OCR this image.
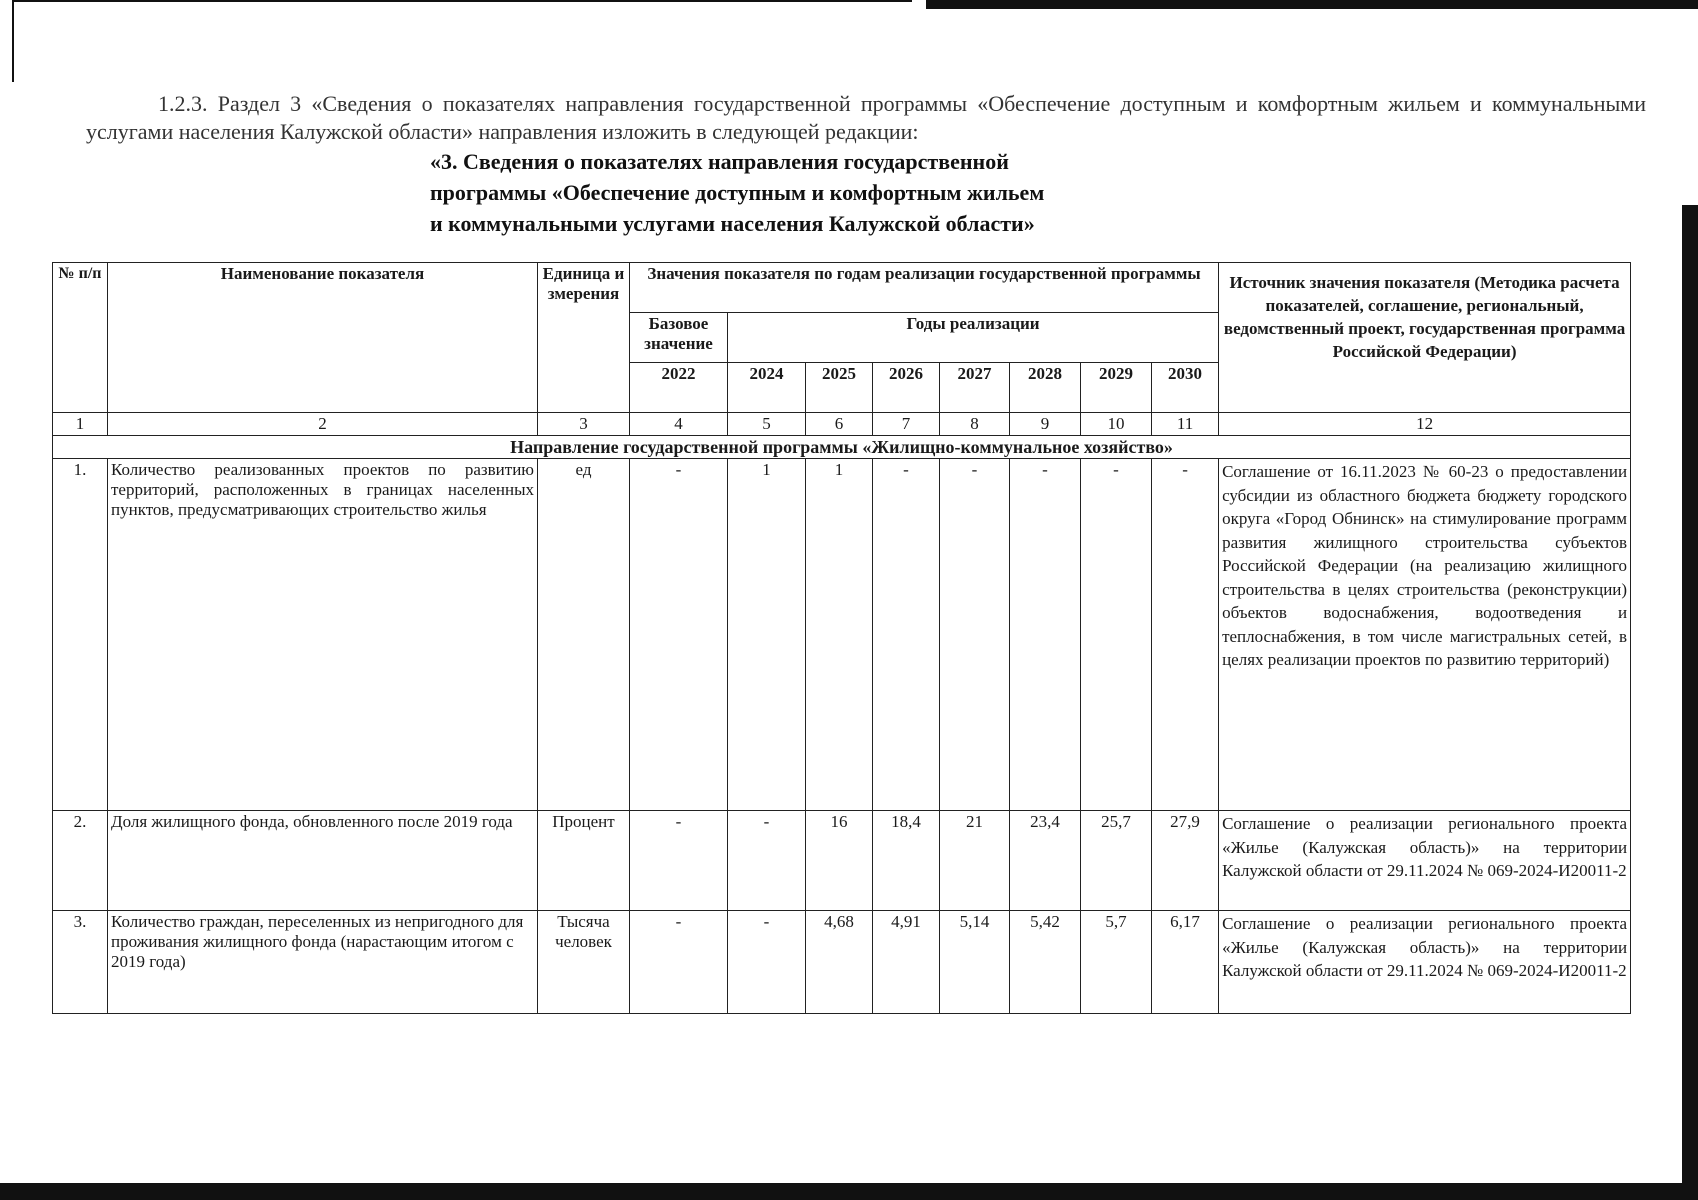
1.2.3. Раздел 3 «Сведения о показателях направления государственной программы «Обеспечение доступным и комфортным жильем и коммунальными услугами населения Калужской области» направления изложить в следующей редакции:

«3. Сведения о показателях направления государственной
программы «Обеспечение доступным и комфортным жильем
и коммунальными услугами населения Калужской области»
№ п/п	Наименование показателя	Единица измерения	Значения показателя по годам реализации государственной программы								Источник значения показателя (Методика расчета показателей, соглашение, региональный, ведомственный проект, государственная программа Российской Федерации)
			Базовое значение	Годы реализации							
			2022	2024	2025	2026	2027	2028	2029	2030	
1	2	3	4	5	6	7	8	9	10	11	12
Направление государственной программы «Жилищно-коммунальное хозяйство»											
1.	Количество реализованных проектов по развитию территорий, расположенных в границах населенных пунктов, предусматривающих строительство жилья	ед	-	1	1	-	-	-	-	-	Соглашение от 16.11.2023 № 60-23 о предоставлении субсидии из областного бюджета бюджету городского округа «Город Обнинск» на стимулирование программ развития жилищного строительства субъектов Российской Федерации (на реализацию жилищного строительства в целях строительства (реконструкции) объектов водоснабжения, водоотведения и теплоснабжения, в том числе магистральных сетей, в целях реализации проектов по развитию территорий)
2.	Доля жилищного фонда, обновленного после 2019 года	Процент	-	-	16	18,4	21	23,4	25,7	27,9	Соглашение о реализации регионального проекта «Жилье (Калужская область)» на территории Калужской области от 29.11.2024 № 069-2024-И20011-2
3.	Количество граждан, переселенных из непригодного для проживания жилищного фонда (нарастающим итогом с 2019 года)	Тысяча человек	-	-	4,68	4,91	5,14	5,42	5,7	6,17	Соглашение о реализации регионального проекта «Жилье (Калужская область)» на территории Калужской области от 29.11.2024 № 069-2024-И20011-2
